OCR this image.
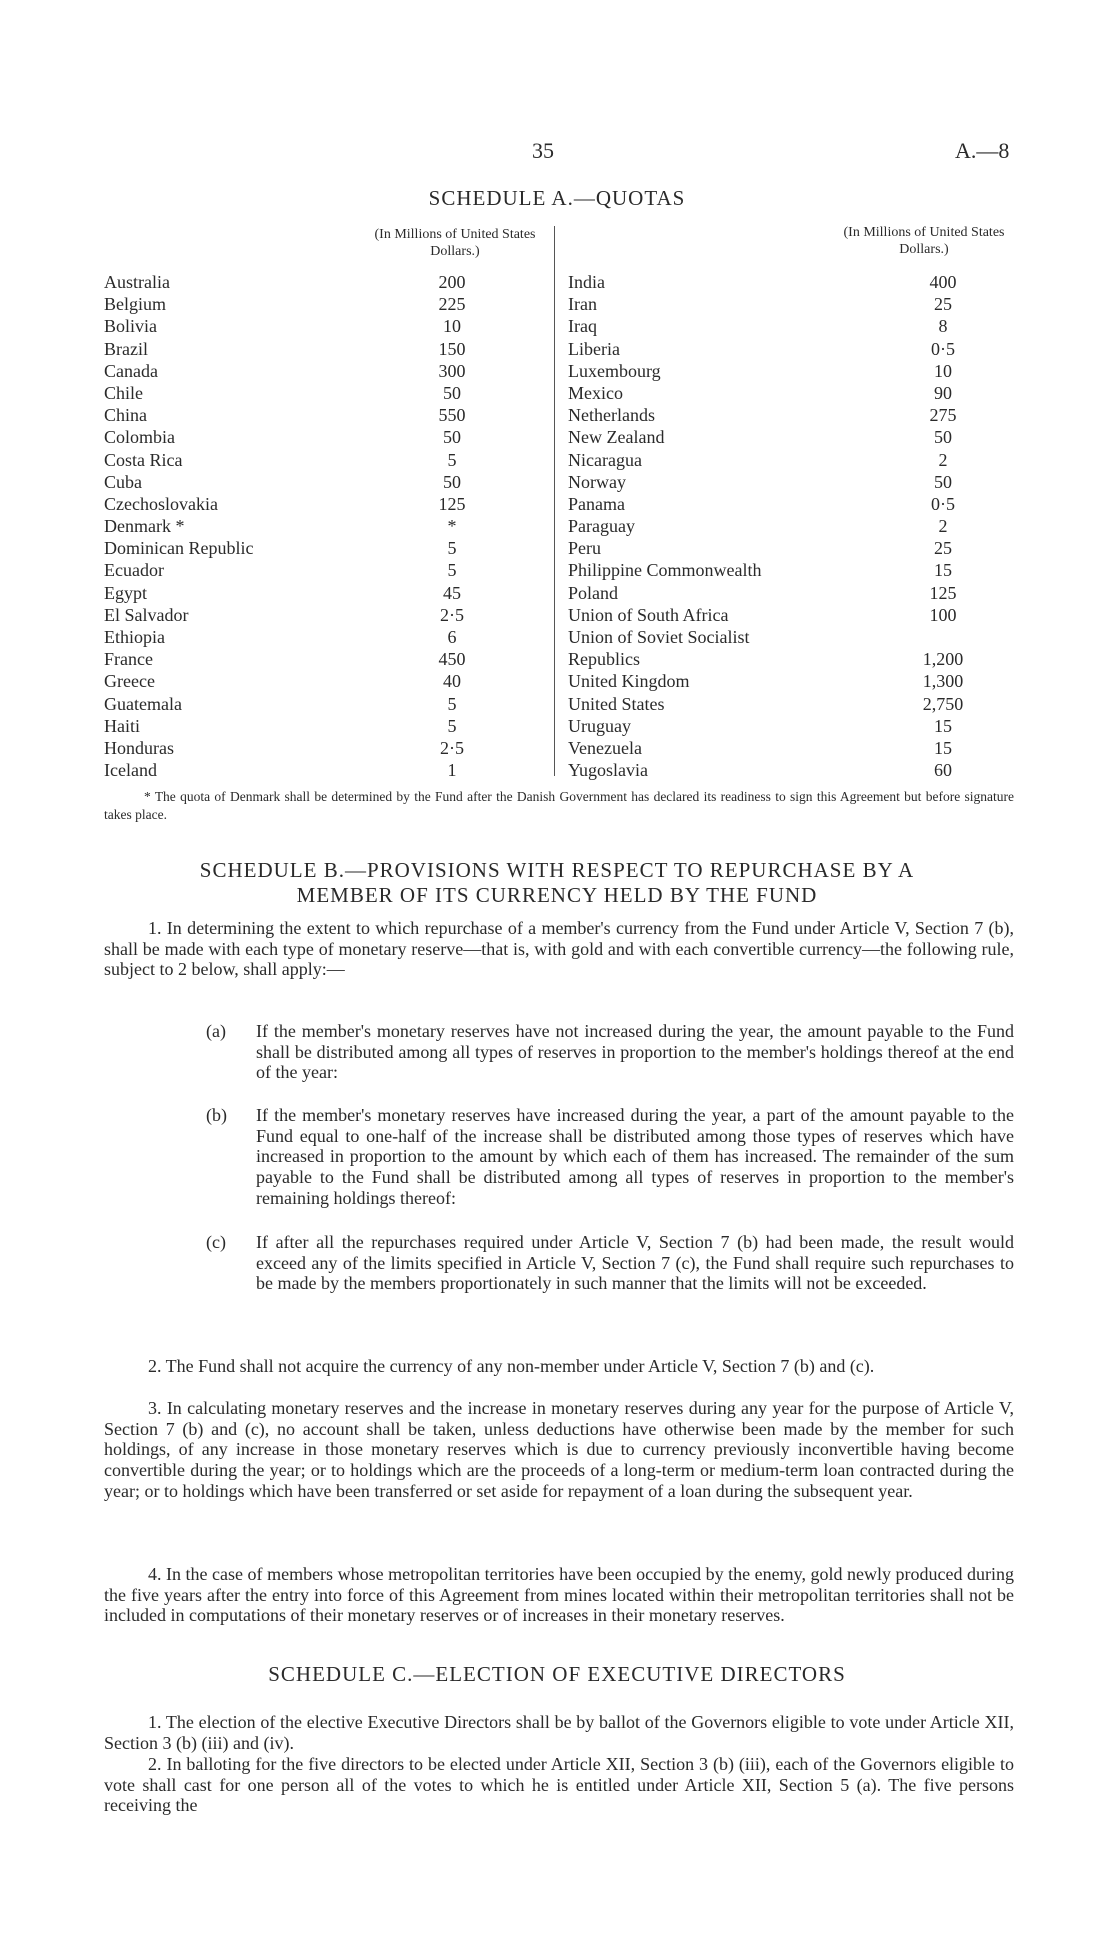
35	A.—8
SCHEDULE A.—QUOTAS
(In Millions of United States Dollars.)
(In Millions of United States Dollars.)
Australia	200
Belgium	225
Bolivia	10
Brazil	150
Canada	300
Chile	50
China	550
Colombia	50
Costa Rica	5
Cuba	50
Czechoslovakia	125
Denmark *	*
Dominican Republic	5
Ecuador	5
Egypt	45
El Salvador	2·5
Ethiopia	6
France	450
Greece	40
Guatemala	5
Haiti	5
Honduras	2·5
Iceland	1
India	400
Iran	25
Iraq	8
Liberia	0·5
Luxembourg	10
Mexico	90
Netherlands	275
New Zealand	50
Nicaragua	2
Norway	50
Panama	0·5
Paraguay	2
Peru	25
Philippine Commonwealth	15
Poland	125
Union of South Africa	100
Union of Soviet Socialist
Republics	1,200
United Kingdom	1,300
United States	2,750
Uruguay	15
Venezuela	15
Yugoslavia	60
* The quota of Denmark shall be determined by the Fund after the Danish Government has declared its readiness to sign this Agreement but before signature takes place.
SCHEDULE B.—PROVISIONS WITH RESPECT TO REPURCHASE BY A
MEMBER OF ITS CURRENCY HELD BY THE FUND
1. In determining the extent to which repurchase of a member's currency from the Fund under Article V, Section 7 (b), shall be made with each type of monetary reserve—that is, with gold and with each convertible currency—the following rule, subject to 2 below, shall apply:—
(a) If the member's monetary reserves have not increased during the year, the amount payable to the Fund shall be distributed among all types of reserves in proportion to the member's holdings thereof at the end of the year:
(b) If the member's monetary reserves have increased during the year, a part of the amount payable to the Fund equal to one-half of the increase shall be distributed among those types of reserves which have increased in proportion to the amount by which each of them has increased. The remainder of the sum payable to the Fund shall be distributed among all types of reserves in proportion to the member's remaining holdings thereof:
(c) If after all the repurchases required under Article V, Section 7 (b) had been made, the result would exceed any of the limits specified in Article V, Section 7 (c), the Fund shall require such repurchases to be made by the members proportionately in such manner that the limits will not be exceeded.
2. The Fund shall not acquire the currency of any non-member under Article V, Section 7 (b) and (c).
3. In calculating monetary reserves and the increase in monetary reserves during any year for the purpose of Article V, Section 7 (b) and (c), no account shall be taken, unless deductions have otherwise been made by the member for such holdings, of any increase in those monetary reserves which is due to currency previously inconvertible having become convertible during the year; or to holdings which are the proceeds of a long-term or medium-term loan contracted during the year; or to holdings which have been transferred or set aside for repayment of a loan during the subsequent year.
4. In the case of members whose metropolitan territories have been occupied by the enemy, gold newly produced during the five years after the entry into force of this Agreement from mines located within their metropolitan territories shall not be included in computations of their monetary reserves or of increases in their monetary reserves.
SCHEDULE C.—ELECTION OF EXECUTIVE DIRECTORS
1. The election of the elective Executive Directors shall be by ballot of the Governors eligible to vote under Article XII, Section 3 (b) (iii) and (iv).
2. In balloting for the five directors to be elected under Article XII, Section 3 (b) (iii), each of the Governors eligible to vote shall cast for one person all of the votes to which he is entitled under Article XII, Section 5 (a). The five persons receiving the
